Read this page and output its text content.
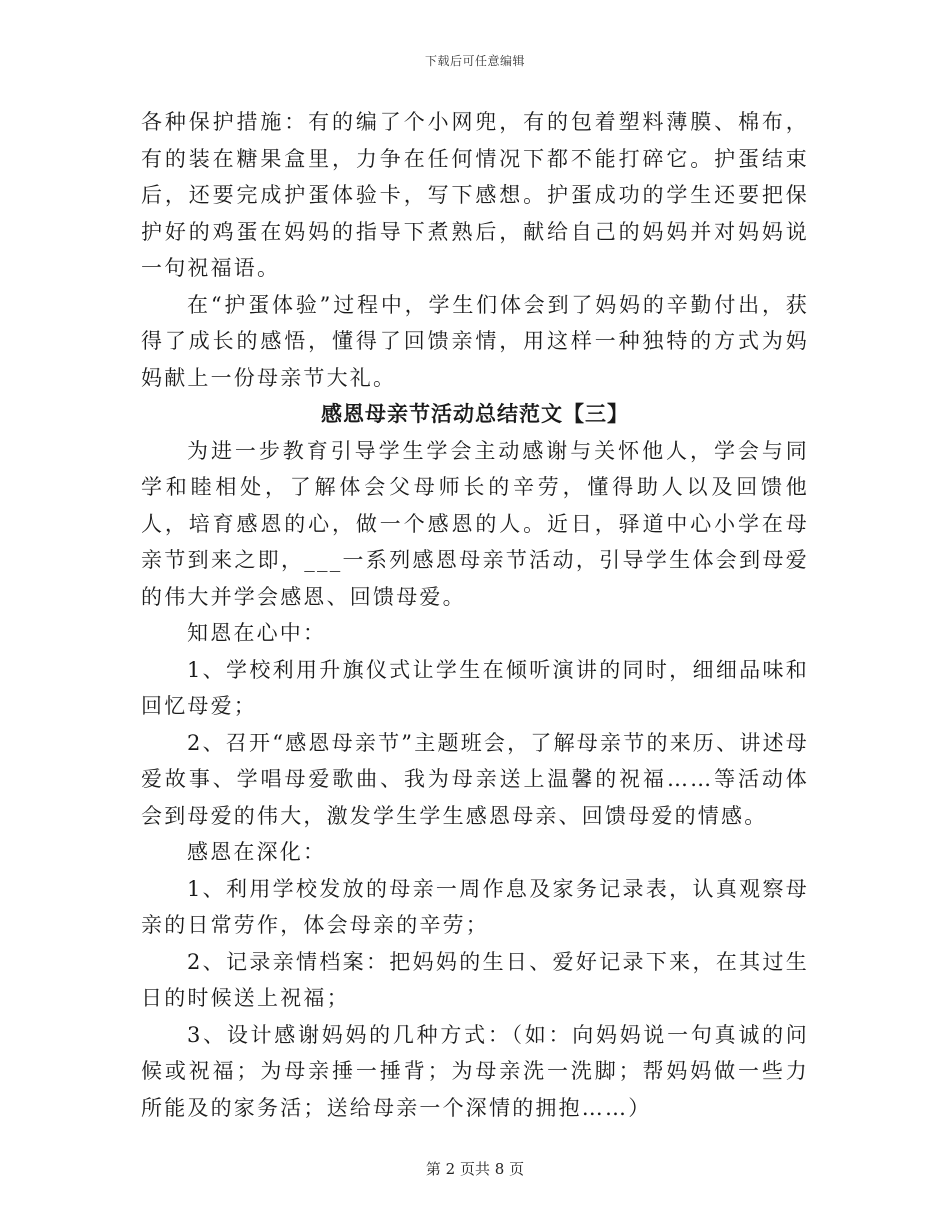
下载后可任意编辑

各种保护措施：有的编了个小网兜，有的包着塑料薄膜、棉布，有的装在糖果盒里，力争在任何情况下都不能打碎它。护蛋结束后，还要完成护蛋体验卡，写下感想。护蛋成功的学生还要把保护好的鸡蛋在妈妈的指导下煮熟后，献给自己的妈妈并对妈妈说一句祝福语。

在“护蛋体验”过程中，学生们体会到了妈妈的辛勤付出，获得了成长的感悟，懂得了回馈亲情，用这样一种独特的方式为妈妈献上一份母亲节大礼。

感恩母亲节活动总结范文【三】

为进一步教育引导学生学会主动感谢与关怀他人，学会与同学和睦相处，了解体会父母师长的辛劳，懂得助人以及回馈他人，培育感恩的心，做一个感恩的人。近日，驿道中心小学在母亲节到来之即，___一系列感恩母亲节活动，引导学生体会到母爱的伟大并学会感恩、回馈母爱。

知恩在心中：

1、学校利用升旗仪式让学生在倾听演讲的同时，细细品味和回忆母爱；

2、召开“感恩母亲节”主题班会，了解母亲节的来历、讲述母爱故事、学唱母爱歌曲、我为母亲送上温馨的祝福……等活动体会到母爱的伟大，激发学生学生感恩母亲、回馈母爱的情感。

感恩在深化：

1、利用学校发放的母亲一周作息及家务记录表，认真观察母亲的日常劳作，体会母亲的辛劳；

2、记录亲情档案：把妈妈的生日、爱好记录下来，在其过生日的时候送上祝福；

3、设计感谢妈妈的几种方式：（如：向妈妈说一句真诚的问候或祝福；为母亲捶一捶背；为母亲洗一洗脚；帮妈妈做一些力所能及的家务活；送给母亲一个深情的拥抱……）

第 2 页共 8 页
